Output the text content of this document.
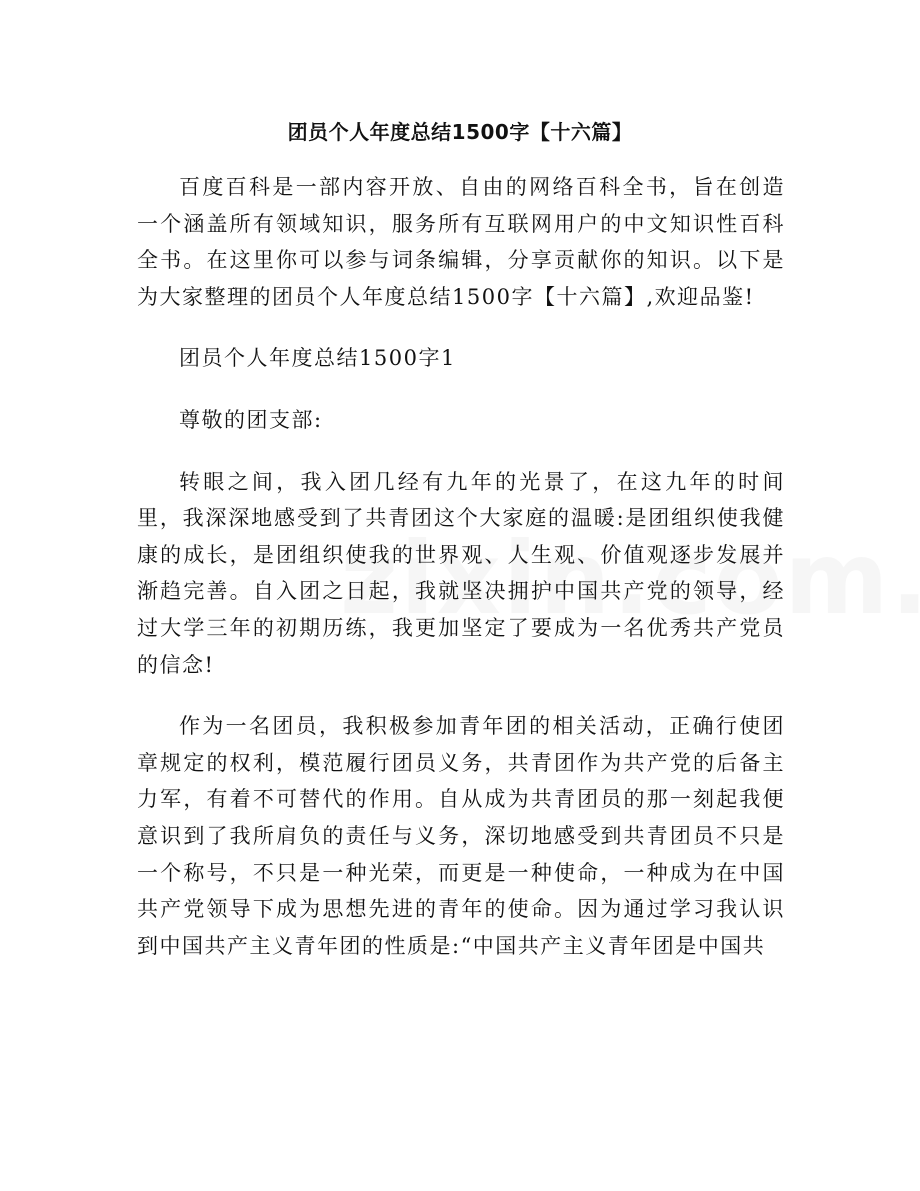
团员个人年度总结1500字【十六篇】

百度百科是一部内容开放、自由的网络百科全书，旨在创造一个涵盖所有领域知识，服务所有互联网用户的中文知识性百科全书。在这里你可以参与词条编辑，分享贡献你的知识。以下是为大家整理的团员个人年度总结1500字【十六篇】,欢迎品鉴!

团员个人年度总结1500字1

尊敬的团支部:

转眼之间，我入团几经有九年的光景了，在这九年的时间里，我深深地感受到了共青团这个大家庭的温暖:是团组织使我健康的成长，是团组织使我的世界观、人生观、价值观逐步发展并渐趋完善。自入团之日起，我就坚决拥护中国共产党的领导，经过大学三年的初期历练，我更加坚定了要成为一名优秀共产党员的信念!

作为一名团员，我积极参加青年团的相关活动，正确行使团章规定的权利，模范履行团员义务，共青团作为共产党的后备主力军，有着不可替代的作用。自从成为共青团员的那一刻起我便意识到了我所肩负的责任与义务，深切地感受到共青团员不只是一个称号，不只是一种光荣，而更是一种使命，一种成为在中国共产党领导下成为思想先进的青年的使命。因为通过学习我认识到中国共产主义青年团的性质是:“中国共产主义青年团是中国共
